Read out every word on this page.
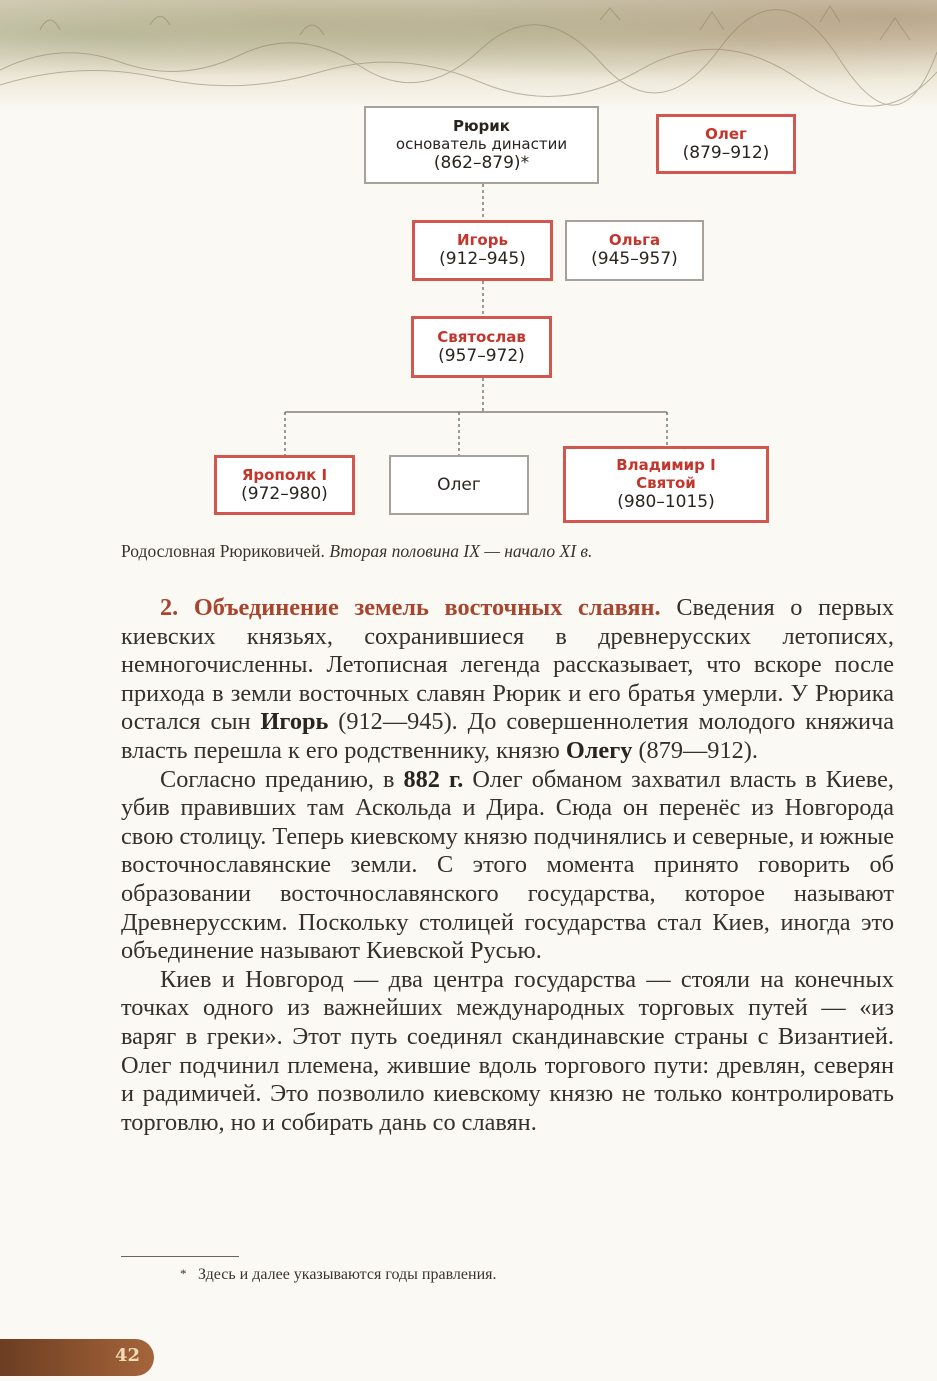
Рюрик
основатель династии
(862–879)*
Олег
(879–912)
Игорь
(912–945)
Ольга
(945–957)
Святослав
(957–972)
Ярополк I
(972–980)	Олег
Владимир I
Святой
(980–1015)
Родословная Рюриковичей. Вторая половина IX — начало XI в.

2. Объединение земель восточных славян. Сведения о первых киевских князьях, сохранившиеся в древнерусских летописях, немногочисленны. Летописная легенда рассказывает, что вскоре после прихода в земли восточных славян Рюрик и его братья умерли. У Рюрика остался сын Игорь (912—945). До совершеннолетия молодого княжича власть перешла к его родственнику, князю Олегу (879—912).

Согласно преданию, в 882 г. Олег обманом захватил власть в Киеве, убив правивших там Аскольда и Дира. Сюда он перенёс из Новгорода свою столицу. Теперь киевскому князю подчинялись и северные, и южные восточнославянские земли. С этого момента принято говорить об образовании восточнославянского государства, которое называют Древнерусским. Поскольку столицей государства стал Киев, иногда это объединение называют Киевской Русью.

Киев и Новгород — два центра государства — стояли на конечных точках одного из важнейших международных торговых путей — «из варяг в греки». Этот путь соединял скандинавские страны с Византией. Олег подчинил племена, жившие вдоль торгового пути: древлян, северян и радимичей. Это позволило киевскому князю не только контролировать торговлю, но и собирать дань со славян.

* Здесь и далее указываются годы правления.
42
